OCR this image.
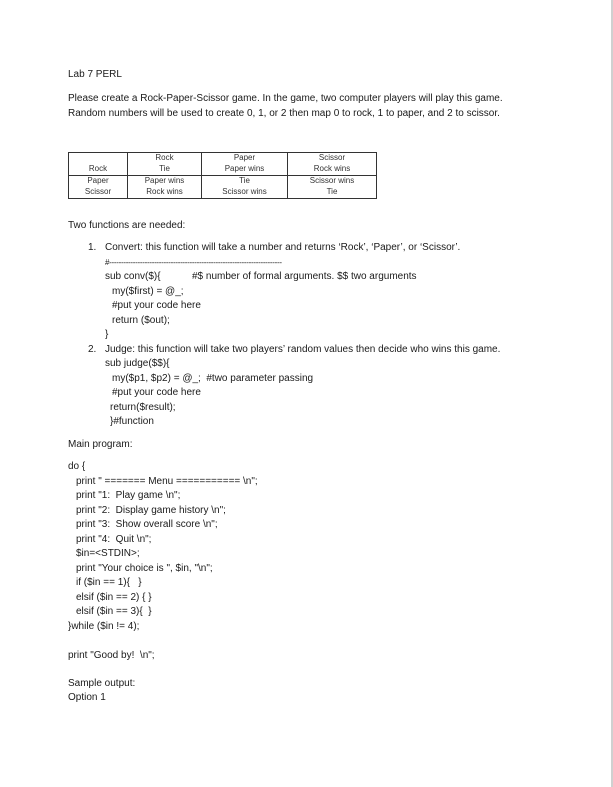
Lab 7 PERL
Please create a Rock-Paper-Scissor game. In the game, two computer players will play this game.
Random numbers will be used to create 0, 1, or 2 then map 0 to rock, 1 to paper, and 2 to scissor.
	Rock	Paper	Scissor
Rock	Tie	Paper wins	Rock wins
Paper	Paper wins	Tie	Scissor wins
Scissor	Rock wins	Scissor wins	Tie
Two functions are needed:
1. Convert: this function will take a number and returns ‘Rock’, ‘Paper’, or ‘Scissor’.
#-------------------------------------------------------------------------
sub conv($){	#$ number of formal arguments. $$ two arguments
my($first) = @_;
#put your code here
return ($out);
}
2. Judge: this function will take two players’ random values then decide who wins this game.
sub judge($$){
my($p1, $p2) = @_;  #two parameter passing
#put your code here
return($result);
}#function
Main program:
do {
print " ======= Menu =========== \n";
print "1:  Play game \n";
print "2:  Display game history \n";
print "3:  Show overall score \n";
print "4:  Quit \n";
$in=<STDIN>;
print "Your choice is ", $in, "\n";
if ($in == 1){   }
elsif ($in == 2) { }
elsif ($in == 3){  }
}while ($in != 4);
print "Good by!  \n";
Sample output:
Option 1
